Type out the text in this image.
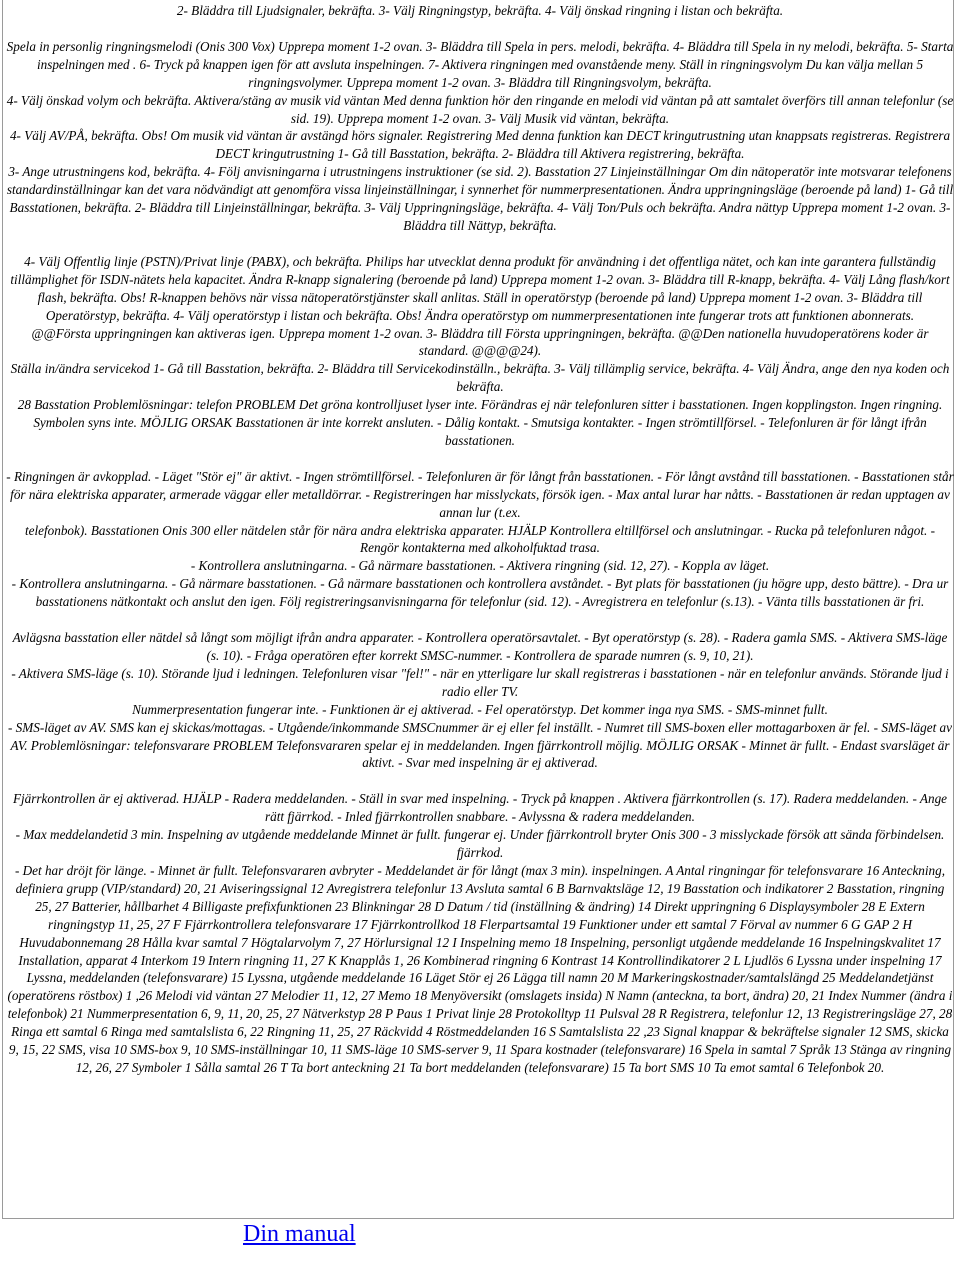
2- Bläddra till Ljudsignaler, bekräfta. 3- Välj Ringningstyp, bekräfta. 4- Välj önskad ringning i listan och bekräfta.

Spela in personlig ringningsmelodi (Onis 300 Vox) Upprepa moment 1-2 ovan. 3- Bläddra till Spela in pers. melodi, bekräfta. 4- Bläddra till Spela in ny melodi, bekräfta. 5- Starta inspelningen med . 6- Tryck på knappen igen för att avsluta inspelningen. 7- Aktivera ringningen med ovanstående meny. Ställ in ringningsvolym Du kan välja mellan 5 ringningsvolymer. Upprepa moment 1-2 ovan. 3- Bläddra till Ringningsvolym, bekräfta.

4- Välj önskad volym och bekräfta. Aktivera/stäng av musik vid väntan Med denna funktion hör den ringande en melodi vid väntan på att samtalet överförs till annan telefonlur (se sid. 19). Upprepa moment 1-2 ovan. 3- Välj Musik vid väntan, bekräfta.

4- Välj AV/PÅ, bekräfta. Obs! Om musik vid väntan är avstängd hörs signaler. Registrering Med denna funktion kan DECT kringutrustning utan knappsats registreras. Registrera DECT kringutrustning 1- Gå till Basstation, bekräfta. 2- Bläddra till Aktivera registrering, bekräfta.

3- Ange utrustningens kod, bekräfta. 4- Följ anvisningarna i utrustningens instruktioner (se sid. 2). Basstation 27 Linjeinställningar Om din nätoperatör inte motsvarar telefonens standardinställningar kan det vara nödvändigt att genomföra vissa linjeinställningar, i synnerhet för nummerpresentationen. Ändra uppringningsläge (beroende på land) 1- Gå till Basstationen, bekräfta. 2- Bläddra till Linjeinställningar, bekräfta. 3- Välj Uppringningsläge, bekräfta. 4- Välj Ton/Puls och bekräfta. Andra nättyp Upprepa moment 1-2 ovan. 3- Bläddra till Nättyp, bekräfta.

4- Välj Offentlig linje (PSTN)/Privat linje (PABX), och bekräfta. Philips har utvecklat denna produkt för användning i det offentliga nätet, och kan inte garantera fullständig tillämplighet för ISDN-nätets hela kapacitet. Ändra R-knapp signalering (beroende på land) Upprepa moment 1-2 ovan. 3- Bläddra till R-knapp, bekräfta. 4- Välj Lång flash/kort flash, bekräfta. Obs! R-knappen behövs när vissa nätoperatörstjänster skall anlitas. Ställ in operatörstyp (beroende på land) Upprepa moment 1-2 ovan. 3- Bläddra till Operatörstyp, bekräfta. 4- Välj operatörstyp i listan och bekräfta. Obs! Ändra operatörstyp om nummerpresentationen inte fungerar trots att funktionen abonnerats.

@@Första uppringningen kan aktiveras igen. Upprepa moment 1-2 ovan. 3- Bläddra till Första uppringningen, bekräfta. @@Den nationella huvudoperatörens koder är standard. @@@@24).

Ställa in/ändra servicekod 1- Gå till Basstation, bekräfta. 2- Bläddra till Servicekodinställn., bekräfta. 3- Välj tillämplig service, bekräfta. 4- Välj Ändra, ange den nya koden och bekräfta.

28 Basstation Problemlösningar: telefon PROBLEM Det gröna kontrolljuset lyser inte. Förändras ej när telefonluren sitter i basstationen. Ingen kopplingston. Ingen ringning. Symbolen syns inte. MÖJLIG ORSAK Basstationen är inte korrekt ansluten. - Dålig kontakt. - Smutsiga kontakter. - Ingen strömtillförsel. - Telefonluren är för långt ifrån basstationen.

- Ringningen är avkopplad. - Läget "Stör ej" är aktivt. - Ingen strömtillförsel. - Telefonluren är för långt från basstationen. - För långt avstånd till basstationen. - Basstationen står för nära elektriska apparater, armerade väggar eller metalldörrar. - Registreringen har misslyckats, försök igen. - Max antal lurar har nåtts. - Basstationen är redan upptagen av annan lur (t.ex.

telefonbok). Basstationen Onis 300 eller nätdelen står för nära andra elektriska apparater. HJÄLP Kontrollera eltillförsel och anslutningar. - Rucka på telefonluren något. - Rengör kontakterna med alkoholfuktad trasa.

- Kontrollera anslutningarna. - Gå närmare basstationen. - Aktivera ringning (sid. 12, 27). - Koppla av läget.

- Kontrollera anslutningarna. - Gå närmare basstationen. - Gå närmare basstationen och kontrollera avståndet. - Byt plats för basstationen (ju högre upp, desto bättre). - Dra ur basstationens nätkontakt och anslut den igen. Följ registreringsanvisningarna för telefonlur (sid. 12). - Avregistrera en telefonlur (s.13). - Vänta tills basstationen är fri.

Avlägsna basstation eller nätdel så långt som möjligt ifrån andra apparater. - Kontrollera operatörsavtalet. - Byt operatörstyp (s. 28). - Radera gamla SMS. - Aktivera SMS-läge (s. 10). - Fråga operatören efter korrekt SMSC-nummer. - Kontrollera de sparade numren (s. 9, 10, 21).

- Aktivera SMS-läge (s. 10). Störande ljud i ledningen. Telefonluren visar "fel!" - när en ytterligare lur skall registreras i basstationen - när en telefonlur används. Störande ljud i radio eller TV.

Nummerpresentation fungerar inte. - Funktionen är ej aktiverad. - Fel operatörstyp. Det kommer inga nya SMS. - SMS-minnet fullt.

- SMS-läget av AV. SMS kan ej skickas/mottagas. - Utgående/inkommande SMSCnummer är ej eller fel inställt. - Numret till SMS-boxen eller mottagarboxen är fel. - SMS-läget av AV. Problemlösningar: telefonsvarare PROBLEM Telefonsvararen spelar ej in meddelanden. Ingen fjärrkontroll möjlig. MÖJLIG ORSAK - Minnet är fullt. - Endast svarsläget är aktivt. - Svar med inspelning är ej aktiverad.

Fjärrkontrollen är ej aktiverad. HJÄLP - Radera meddelanden. - Ställ in svar med inspelning. - Tryck på knappen . Aktivera fjärrkontrollen (s. 17). Radera meddelanden. - Ange rätt fjärrkod. - Inled fjärrkontrollen snabbare. - Avlyssna & radera meddelanden.

- Max meddelandetid 3 min. Inspelning av utgående meddelande Minnet är fullt. fungerar ej. Under fjärrkontroll bryter Onis 300 - 3 misslyckade försök att sända förbindelsen. fjärrkod.

- Det har dröjt för länge. - Minnet är fullt. Telefonsvararen avbryter - Meddelandet är för långt (max 3 min). inspelningen. A Antal ringningar för telefonsvarare 16 Anteckning, definiera grupp (VIP/standard) 20, 21 Aviseringssignal 12 Avregistrera telefonlur 13 Avsluta samtal 6 B Barnvaktsläge 12, 19 Basstation och indikatorer 2 Basstation, ringning 25, 27 Batterier, hållbarhet 4 Billigaste prefixfunktionen 23 Blinkningar 28 D Datum / tid (inställning & ändring) 14 Direkt uppringning 6 Displaysymboler 28 E Extern ringningstyp 11, 25, 27 F Fjärrkontrollera telefonsvarare 17 Fjärrkontrollkod 18 Flerpartsamtal 19 Funktioner under ett samtal 7 Förval av nummer 6 G GAP 2 H Huvudabonnemang 28 Hålla kvar samtal 7 Högtalarvolym 7, 27 Hörlursignal 12 I Inspelning memo 18 Inspelning, personligt utgående meddelande 16 Inspelningskvalitet 17 Installation, apparat 4 Interkom 19 Intern ringning 11, 27 K Knapplås 1, 26 Kombinerad ringning 6 Kontrast 14 Kontrollindikatorer 2 L Ljudlös 6 Lyssna under inspelning 17 Lyssna, meddelanden (telefonsvarare) 15 Lyssna, utgående meddelande 16 Läget Stör ej 26 Lägga till namn 20 M Markeringskostnader/samtalslängd 25 Meddelandetjänst (operatörens röstbox) 1 ,26 Melodi vid väntan 27 Melodier 11, 12, 27 Memo 18 Menyöversikt (omslagets insida) N Namn (anteckna, ta bort, ändra) 20, 21 Index Nummer (ändra i telefonbok) 21 Nummerpresentation 6, 9, 11, 20, 25, 27 Nätverkstyp 28 P Paus 1 Privat linje 28 Protokolltyp 11 Pulsval 28 R Registrera, telefonlur 12, 13 Registreringsläge 27, 28 Ringa ett samtal 6 Ringa med samtalslista 6, 22 Ringning 11, 25, 27 Räckvidd 4 Röstmeddelanden 16 S Samtalslista 22 ,23 Signal knappar & bekräftelse signaler 12 SMS, skicka 9, 15, 22 SMS, visa 10 SMS-box 9, 10 SMS-inställningar 10, 11 SMS-läge 10 SMS-server 9, 11 Spara kostnader (telefonsvarare) 16 Spela in samtal 7 Språk 13 Stänga av ringning 12, 26, 27 Symboler 1 Sålla samtal 26 T Ta bort anteckning 21 Ta bort meddelanden (telefonsvarare) 15 Ta bort SMS 10 Ta emot samtal 6 Telefonbok 20.

Din manual
